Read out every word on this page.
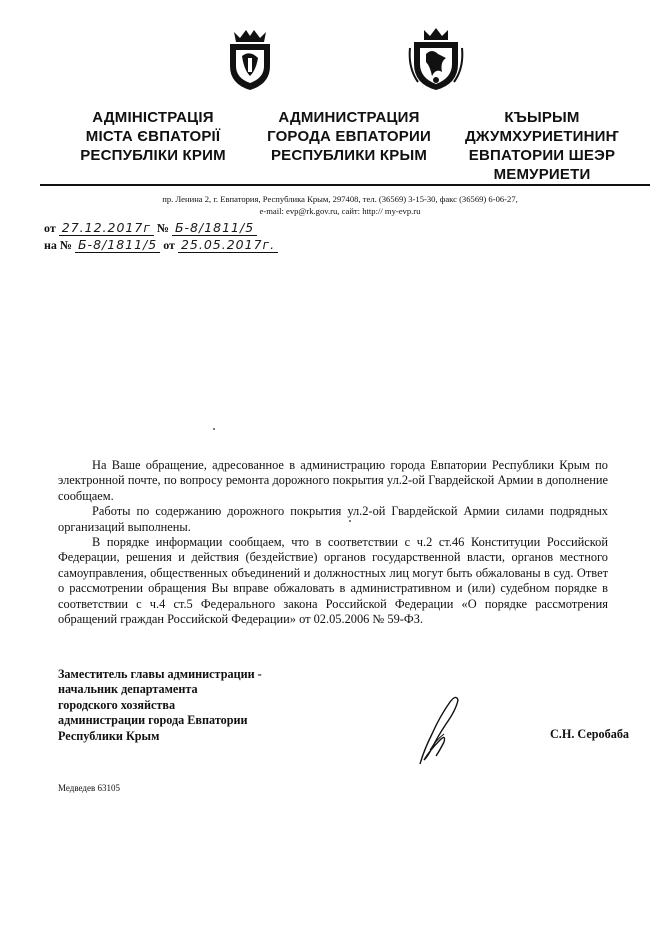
АДМІНІСТРАЦІЯ
МІСТА ЄВПАТОРІЇ
РЕСПУБЛІКИ КРИМ
АДМИНИСТРАЦИЯ
ГОРОДА ЕВПАТОРИИ
РЕСПУБЛИКИ КРЫМ
КЪЫРЫМ
ДЖУМХУРИЕТИНИҤ
ЕВПАТОРИИ ШЕЭР
МЕМУРИЕТИ
пр. Ленина 2, г. Евпатория, Республика Крым, 297408, тел. (36569) 3-15-30, факс (36569) 6-06-27,
e-mail: evp@rk.gov.ru, сайт: http:// my-evp.ru
от 27.12.2017г № Б-8/1811/5
на № Б-8/1811/5 от 25.05.2017г.

На Ваше обращение, адресованное в администрацию города Евпатории Республики Крым по электронной почте, по вопросу ремонта дорожного покрытия ул.2-ой Гвардейской Армии в дополнение сообщаем.

Работы по содержанию дорожного покрытия ул.2-ой Гвардейской Армии силами подрядных организаций выполнены.

В порядке информации сообщаем, что в соответствии с ч.2 ст.46 Конституции Российской Федерации, решения и действия (бездействие) органов государственной власти, органов местного самоуправления, общественных объединений и должностных лиц могут быть обжалованы в суд. Ответ о рассмотрении обращения Вы вправе обжаловать в административном и (или) судебном порядке в соответствии с ч.4 ст.5 Федерального закона Российской Федерации «О порядке рассмотрения обращений граждан Российской Федерации» от 02.05.2006 № 59-ФЗ.

Заместитель главы администрации -
начальник департамента
городского хозяйства
администрации города Евпатории
Республики Крым	С.Н. Серобаба
Медведев 63105
